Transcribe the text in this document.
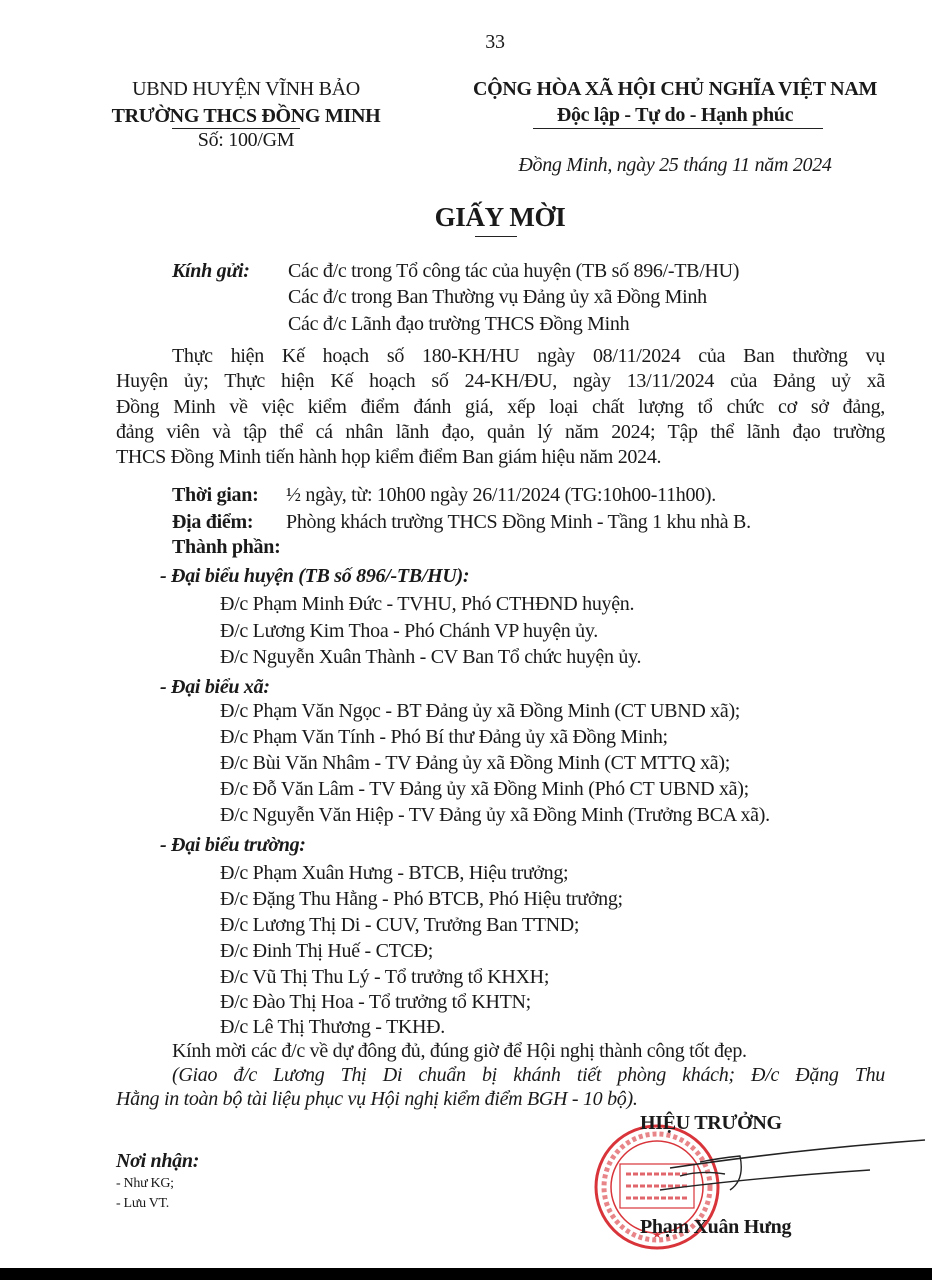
33
UBND HUYỆN VĨNH BẢO
TRƯỜNG THCS ĐỒNG MINH
Số: 100/GM
CỘNG HÒA XÃ HỘI CHỦ NGHĨA VIỆT NAM
Độc lập - Tự do - Hạnh phúc
Đồng Minh, ngày 25 tháng 11 năm 2024
GIẤY MỜI
Kính gửi: Các đ/c trong Tổ công tác của huyện (TB số 896/-TB/HU)
Các đ/c trong Ban Thường vụ Đảng ủy xã Đồng Minh
Các đ/c Lãnh đạo trường THCS Đồng Minh
Thực hiện Kế hoạch số 180-KH/HU ngày 08/11/2024 của Ban thường vụ
Huyện ủy; Thực hiện Kế hoạch số 24-KH/ĐU, ngày 13/11/2024 của Đảng uỷ xã
Đồng Minh về việc kiểm điểm đánh giá, xếp loại chất lượng tổ chức cơ sở đảng,
đảng viên và tập thể cá nhân lãnh đạo, quản lý năm 2024; Tập thể lãnh đạo trường
THCS Đồng Minh tiến hành họp kiểm điểm Ban giám hiệu năm 2024.
Thời gian: ½ ngày, từ: 10h00 ngày 26/11/2024 (TG:10h00-11h00).
Địa điểm: Phòng khách trường THCS Đồng Minh - Tầng 1 khu nhà B.
Thành phần:
- Đại biểu huyện (TB số 896/-TB/HU):
Đ/c Phạm Minh Đức - TVHU, Phó CTHĐND huyện.
Đ/c Lương Kim Thoa - Phó Chánh VP huyện ủy.
Đ/c Nguyễn Xuân Thành - CV Ban Tổ chức huyện ủy.
- Đại biểu xã:
Đ/c Phạm Văn Ngọc - BT Đảng ủy xã Đồng Minh (CT UBND xã);
Đ/c Phạm Văn Tính - Phó Bí thư Đảng ủy xã Đồng Minh;
Đ/c Bùi Văn Nhâm - TV Đảng ủy xã Đồng Minh (CT MTTQ xã);
Đ/c Đỗ Văn Lâm - TV Đảng ủy xã Đồng Minh (Phó CT UBND xã);
Đ/c Nguyễn Văn Hiệp - TV Đảng ủy xã Đồng Minh (Trưởng BCA xã).
- Đại biểu trường:
Đ/c Phạm Xuân Hưng - BTCB, Hiệu trưởng;
Đ/c Đặng Thu Hằng - Phó BTCB, Phó Hiệu trưởng;
Đ/c Lương Thị Di - CUV, Trưởng Ban TTND;
Đ/c Đinh Thị Huế - CTCĐ;
Đ/c Vũ Thị Thu Lý - Tổ trưởng tổ KHXH;
Đ/c Đào Thị Hoa - Tổ trưởng tổ KHTN;
Đ/c Lê Thị Thương - TKHĐ.
Kính mời các đ/c về dự đông đủ, đúng giờ để Hội nghị thành công tốt đẹp.
(Giao đ/c Lương Thị Di chuẩn bị khánh tiết phòng khách; Đ/c Đặng Thu
Hằng in toàn bộ tài liệu phục vụ Hội nghị kiểm điểm BGH - 10 bộ).
HIỆU TRƯỞNG
Phạm Xuân Hưng
Nơi nhận:
- Như KG;
- Lưu VT.
